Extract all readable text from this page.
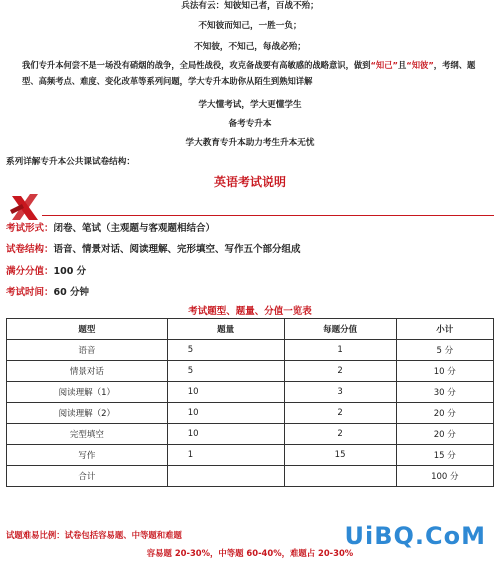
兵法有云：知彼知己者，百战不殆；
不知彼而知己，一胜一负；
不知彼，不知己，每战必殆；
我们专升本何尝不是一场没有硝烟的战争，全局性战役，攻克备战要有高敏感的战略意识，做到“知己”且“知彼”，考纲、题型、高频考点、难度、变化改革等系列问题，学大专升本助你从陌生到熟知详解
学大懂考试，学大更懂学生
备考专升本
学大教育专升本助力考生升本无忧
系列详解专升本公共课试卷结构：
英语考试说明
考试形式：闭卷、笔试（主观题与客观题相结合）
试卷结构：语音、情景对话、阅读理解、完形填空、写作五个部分组成
满分分值：100 分
考试时间：60 分钟
考试题型、题量、分值一览表
题型	题量	每题分值	小计
语音	5	1	5 分
情景对话	5	2	10 分
阅读理解（1）	10	3	30 分
阅读理解（2）	10	2	20 分
完型填空	10	2	20 分
写作	1	15	15 分
合计			100 分
试题难易比例：试卷包括容易题、中等题和难题
容易题 20-30%，中等题 60-40%，难题占 20-30%
UiBQ.CoM
